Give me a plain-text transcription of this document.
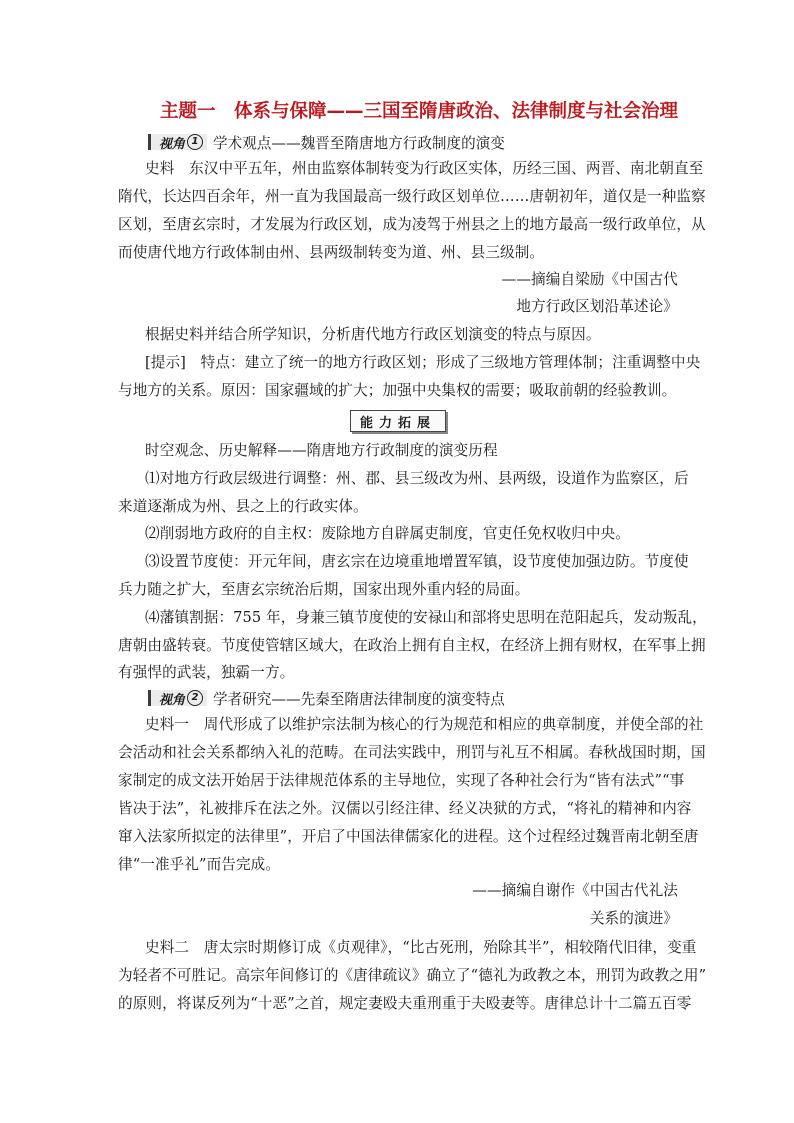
主题一　体系与保障——三国至隋唐政治、法律制度与社会治理
视角 1 学术观点——魏晋至隋唐地方行政制度的演变
史料　东汉中平五年，州由监察体制转变为行政区实体，历经三国、两晋、南北朝直至
隋代，长达四百余年，州一直为我国最高一级行政区划单位……唐朝初年，道仅是一种监察
区划，至唐玄宗时，才发展为行政区划，成为凌驾于州县之上的地方最高一级行政单位，从
而使唐代地方行政体制由州、县两级制转变为道、州、县三级制。
——摘编自梁励《中国古代
地方行政区划沿革述论》
根据史料并结合所学知识，分析唐代地方行政区划演变的特点与原因。
[提示]　特点：建立了统一的地方行政区划；形成了三级地方管理体制；注重调整中央
与地方的关系。原因：国家疆域的扩大；加强中央集权的需要；吸取前朝的经验教训。
能力拓展
时空观念、历史解释——隋唐地方行政制度的演变历程
⑴对地方行政层级进行调整：州、郡、县三级改为州、县两级，设道作为监察区，后
来道逐渐成为州、县之上的行政实体。
⑵削弱地方政府的自主权：废除地方自辟属吏制度，官吏任免权收归中央。
⑶设置节度使：开元年间，唐玄宗在边境重地增置军镇，设节度使加强边防。节度使
兵力随之扩大，至唐玄宗统治后期，国家出现外重内轻的局面。
⑷藩镇割据：755 年，身兼三镇节度使的安禄山和部将史思明在范阳起兵，发动叛乱，
唐朝由盛转衰。节度使管辖区域大，在政治上拥有自主权，在经济上拥有财权，在军事上拥
有强悍的武装，独霸一方。
视角 2 学者研究——先秦至隋唐法律制度的演变特点
史料一　周代形成了以维护宗法制为核心的行为规范和相应的典章制度，并使全部的社
会活动和社会关系都纳入礼的范畴。在司法实践中，刑罚与礼互不相属。春秋战国时期，国
家制定的成文法开始居于法律规范体系的主导地位，实现了各种社会行为“皆有法式”“事
皆决于法”，礼被排斥在法之外。汉儒以引经注律、经义决狱的方式，“将礼的精神和内容
窜入法家所拟定的法律里”，开启了中国法律儒家化的进程。这个过程经过魏晋南北朝至唐
律“一准乎礼”而告完成。
——摘编自谢作《中国古代礼法
关系的演进》
史料二　唐太宗时期修订成《贞观律》，“比古死刑，殆除其半”，相较隋代旧律，变重
为轻者不可胜记。高宗年间修订的《唐律疏议》确立了“德礼为政教之本，刑罚为政教之用”
的原则，将谋反列为“十恶”之首，规定妻殴夫重刑重于夫殴妻等。唐律总计十二篇五百零
